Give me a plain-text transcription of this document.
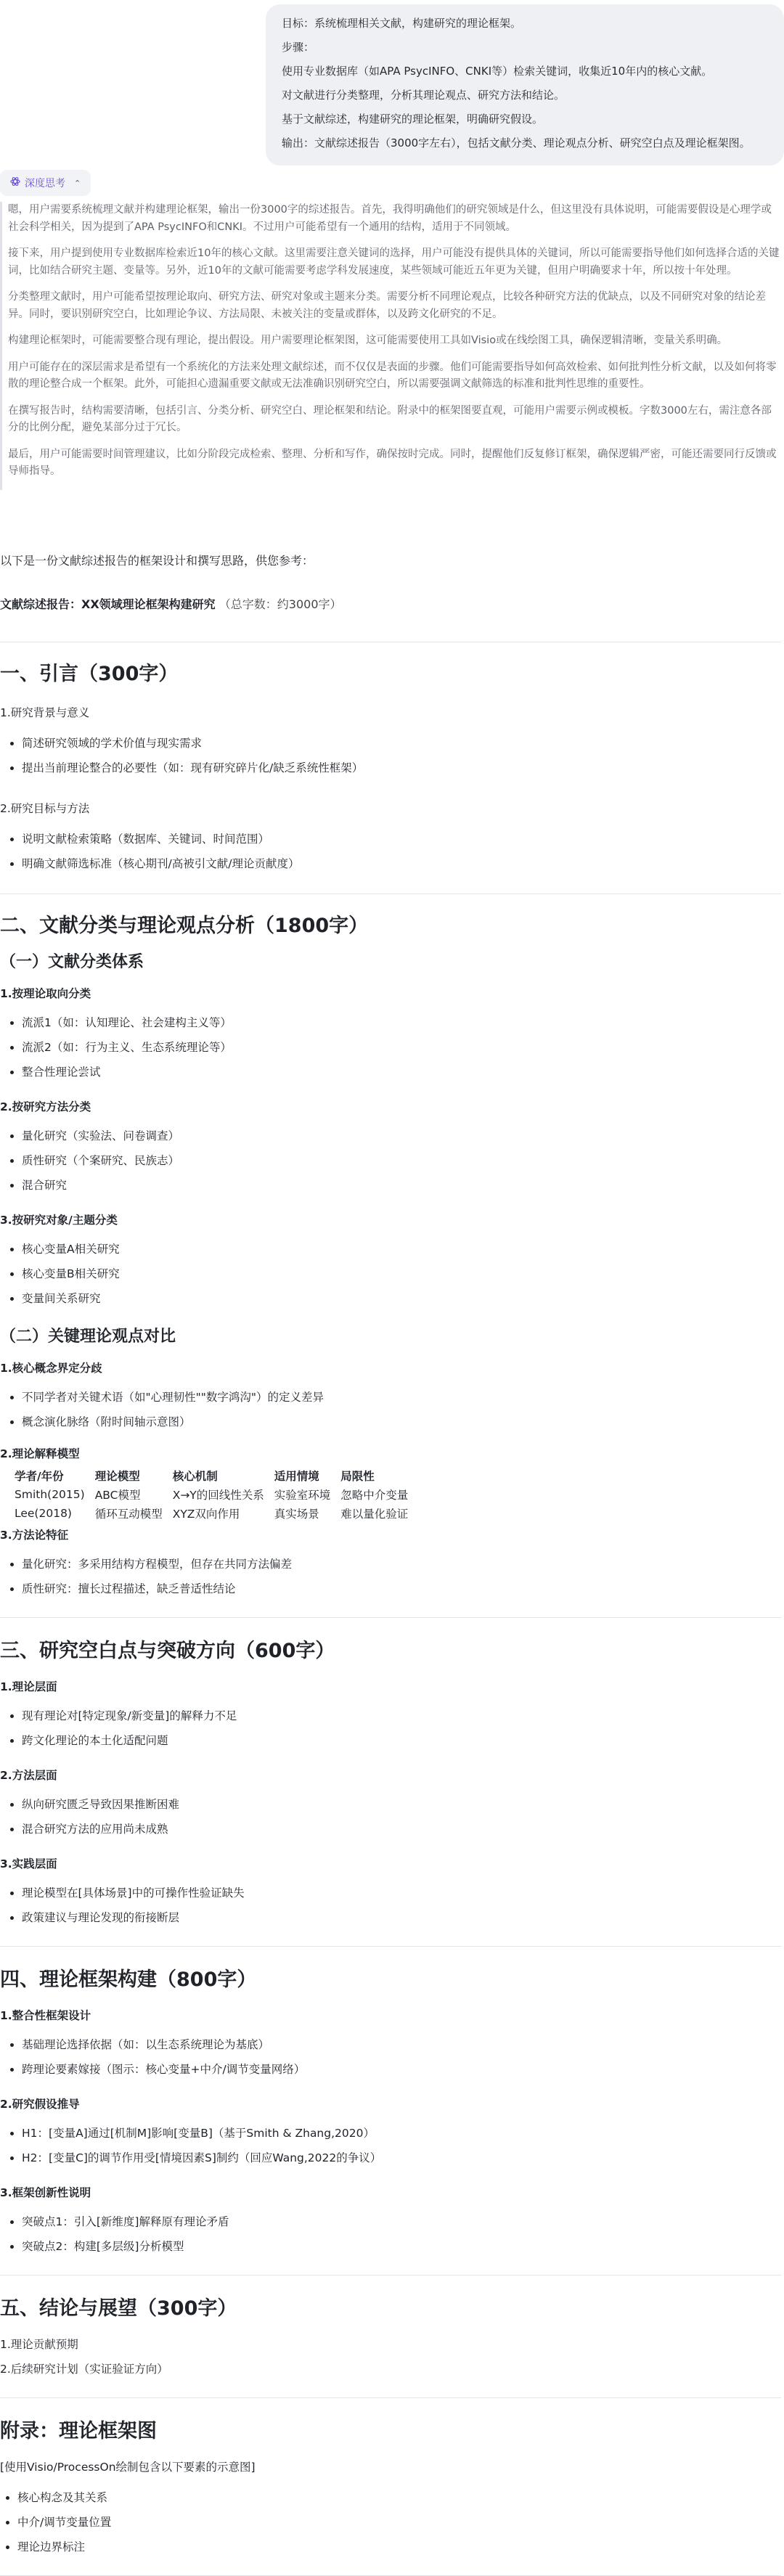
目标：系统梳理相关文献，构建研究的理论框架。

步骤：

使用专业数据库（如APA PsycINFO、CNKI等）检索关键词，收集近10年内的核心文献。

对文献进行分类整理，分析其理论观点、研究方法和结论。

基于文献综述，构建研究的理论框架，明确研究假设。

输出：文献综述报告（3000字左右），包括文献分类、理论观点分析、研究空白点及理论框架图。

深度思考 ⌃

嗯，用户需要系统梳理文献并构建理论框架，输出一份3000字的综述报告。首先，我得明确他们的研究领域是什么，但这里没有具体说明，可能需要假设是心理学或社会科学相关，因为提到了APA PsycINFO和CNKI。不过用户可能希望有一个通用的结构，适用于不同领域。

接下来，用户提到使用专业数据库检索近10年的核心文献。这里需要注意关键词的选择，用户可能没有提供具体的关键词，所以可能需要指导他们如何选择合适的关键词，比如结合研究主题、变量等。另外，近10年的文献可能需要考虑学科发展速度，某些领域可能近五年更为关键，但用户明确要求十年，所以按十年处理。

分类整理文献时，用户可能希望按理论取向、研究方法、研究对象或主题来分类。需要分析不同理论观点，比较各种研究方法的优缺点，以及不同研究对象的结论差异。同时，要识别研究空白，比如理论争议、方法局限、未被关注的变量或群体，以及跨文化研究的不足。

构建理论框架时，可能需要整合现有理论，提出假设。用户需要理论框架图，这可能需要使用工具如Visio或在线绘图工具，确保逻辑清晰，变量关系明确。

用户可能存在的深层需求是希望有一个系统化的方法来处理文献综述，而不仅仅是表面的步骤。他们可能需要指导如何高效检索、如何批判性分析文献，以及如何将零散的理论整合成一个框架。此外，可能担心遗漏重要文献或无法准确识别研究空白，所以需要强调文献筛选的标准和批判性思维的重要性。

在撰写报告时，结构需要清晰，包括引言、分类分析、研究空白、理论框架和结论。附录中的框架图要直观，可能用户需要示例或模板。字数3000左右，需注意各部分的比例分配，避免某部分过于冗长。

最后，用户可能需要时间管理建议，比如分阶段完成检索、整理、分析和写作，确保按时完成。同时，提醒他们反复修订框架，确保逻辑严密，可能还需要同行反馈或导师指导。

以下是一份文献综述报告的框架设计和撰写思路，供您参考：

文献综述报告：XX领域理论框架构建研究 （总字数：约3000字）

一、引言（300字）

1.研究背景与意义

• 简述研究领域的学术价值与现实需求
• 提出当前理论整合的必要性（如：现有研究碎片化/缺乏系统性框架）

2.研究目标与方法

• 说明文献检索策略（数据库、关键词、时间范围）
• 明确文献筛选标准（核心期刊/高被引文献/理论贡献度）
二、文献分类与理论观点分析（1800字）
（一）文献分类体系

1.按理论取向分类

• 流派1（如：认知理论、社会建构主义等）
• 流派2（如：行为主义、生态系统理论等）
• 整合性理论尝试

2.按研究方法分类

• 量化研究（实验法、问卷调查）
• 质性研究（个案研究、民族志）
• 混合研究

3.按研究对象/主题分类

• 核心变量A相关研究
• 核心变量B相关研究
• 变量间关系研究
（二）关键理论观点对比

1.核心概念界定分歧

• 不同学者对关键术语（如"心理韧性""数字鸿沟"）的定义差异
• 概念演化脉络（附时间轴示意图）

2.理论解释模型

学者/年份	理论模型	核心机制	适用情境	局限性
Smith(2015)	ABC模型	X→Y的回线性关系	实验室环境	忽略中介变量
Lee(2018)	循环互动模型	XYZ双向作用	真实场景	难以量化验证

3.方法论特征

• 量化研究：多采用结构方程模型，但存在共同方法偏差
• 质性研究：擅长过程描述，缺乏普适性结论
三、研究空白点与突破方向（600字）

1.理论层面

• 现有理论对[特定现象/新变量]的解释力不足
• 跨文化理论的本土化适配问题

2.方法层面

• 纵向研究匮乏导致因果推断困难
• 混合研究方法的应用尚未成熟

3.实践层面

• 理论模型在[具体场景]中的可操作性验证缺失
• 政策建议与理论发现的衔接断层
四、理论框架构建（800字）

1.整合性框架设计

• 基础理论选择依据（如：以生态系统理论为基底）
• 跨理论要素嫁接（图示：核心变量+中介/调节变量网络）

2.研究假设推导

• H1：[变量A]通过[机制M]影响[变量B]（基于Smith & Zhang,2020）
• H2：[变量C]的调节作用受[情境因素S]制约（回应Wang,2022的争议）

3.框架创新性说明

• 突破点1：引入[新维度]解释原有理论矛盾
• 突破点2：构建[多层级]分析模型
五、结论与展望（300字）

1.理论贡献预期

2.后续研究计划（实证验证方向）

附录：理论框架图

[使用Visio/ProcessOn绘制包含以下要素的示意图]

• 核心构念及其关系
• 中介/调节变量位置
• 理论边界标注
